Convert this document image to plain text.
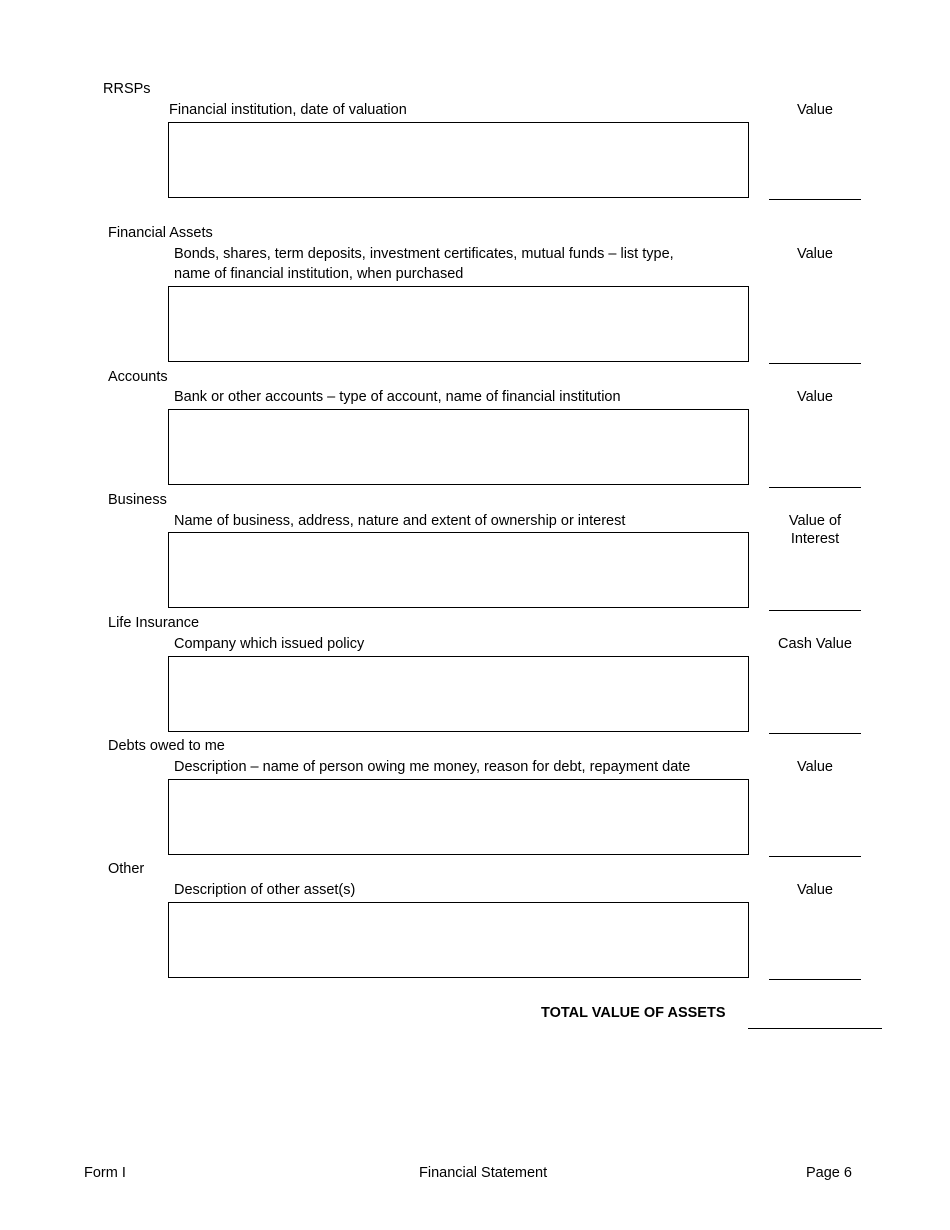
RRSPs
Financial institution, date of valuation	Value
Financial Assets
Bonds, shares, term deposits, investment certificates, mutual funds – list type,
name of financial institution, when purchased
Value
Accounts
Bank or other accounts – type of account, name of financial institution	Value
Business
Name of business, address, nature and extent of ownership or interest	Value of
Interest
Life Insurance
Company which issued policy	Cash Value
Debts owed to me
Description – name of person owing me money, reason for debt, repayment date	Value
Other
Description of other asset(s)	Value
TOTAL VALUE OF ASSETS
Form I	Financial Statement	Page 6
